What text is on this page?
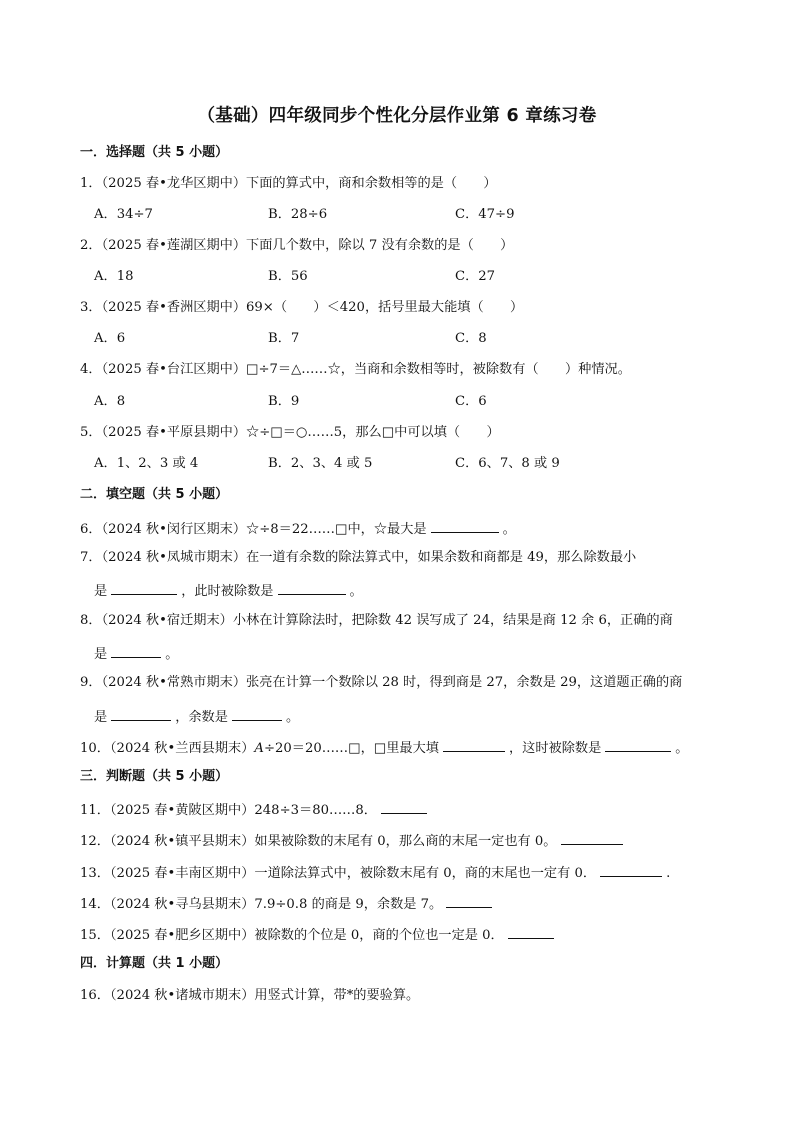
（基础）四年级同步个性化分层作业第 6 章练习卷
一．选择题（共 5 小题）
1．（2025 春•龙华区期中）下面的算式中，商和余数相等的是（　　）
A．34÷7	B．28÷6	C．47÷9
2．（2025 春•莲湖区期中）下面几个数中，除以 7 没有余数的是（　　）
A．18	B．56	C．27
3．（2025 春•香洲区期中）69×（　　）＜420，括号里最大能填（　　）
A．6	B．7	C．8
4．（2025 春•台江区期中）□÷7＝△……☆，当商和余数相等时，被除数有（　　）种情况。
A．8	B．9	C．6
5．（2025 春•平原县期中）☆÷□＝○……5，那么□中可以填（　　）
A．1、2、3 或 4	B．2、3、4 或 5	C．6、7、8 或 9
二．填空题（共 5 小题）
6．（2024 秋•闵行区期末）☆÷8＝22……□中，☆最大是	。
7．（2024 秋•凤城市期末）在一道有余数的除法算式中，如果余数和商都是 49，那么除数最小
是	，此时被除数是	。
8．（2024 秋•宿迁期末）小林在计算除法时，把除数 42 误写成了 24，结果是商 12 余 6，正确的商
是	。
9．（2024 秋•常熟市期末）张亮在计算一个数除以 28 时，得到商是 27，余数是 29，这道题正确的商
是	，余数是	。
10．（2024 秋•兰西县期末）A÷20＝20……□，□里最大填	，这时被除数是	。
三．判断题（共 5 小题）
11．（2025 春•黄陂区期中）248÷3＝80……8．
12．（2024 秋•镇平县期末）如果被除数的末尾有 0，那么商的末尾一定也有 0。
13．（2025 春•丰南区期中）一道除法算式中，被除数末尾有 0，商的末尾也一定有 0．	.
14．（2024 秋•寻乌县期末）7.9÷0.8 的商是 9，余数是 7。
15．（2025 春•肥乡区期中）被除数的个位是 0，商的个位也一定是 0．
四．计算题（共 1 小题）
16．（2024 秋•诸城市期末）用竖式计算，带*的要验算。
